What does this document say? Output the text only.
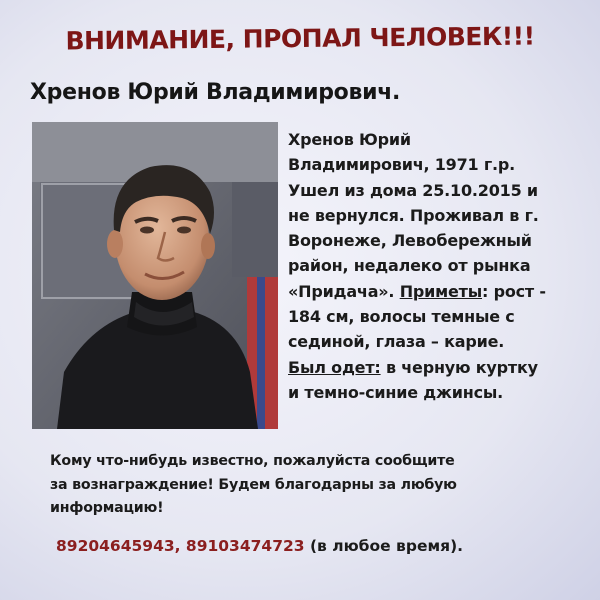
ВНИМАНИЕ, ПРОПАЛ ЧЕЛОВЕК!!!
Хренов Юрий Владимирович.
Хренов Юрий
Владимирович, 1971 г.р.
Ушел из дома 25.10.2015 и
не вернулся. Проживал в г.
Воронеже, Левобережный
район, недалеко от рынка
«Придача». Приметы: рост -
184 см, волосы темные с
сединой, глаза – карие.
Был одет: в черную куртку
и темно-синие джинсы.
Кому что-нибудь известно, пожалуйста сообщите
за вознаграждение! Будем благодарны за любую
информацию!
89204645943, 89103474723 (в любое время).
